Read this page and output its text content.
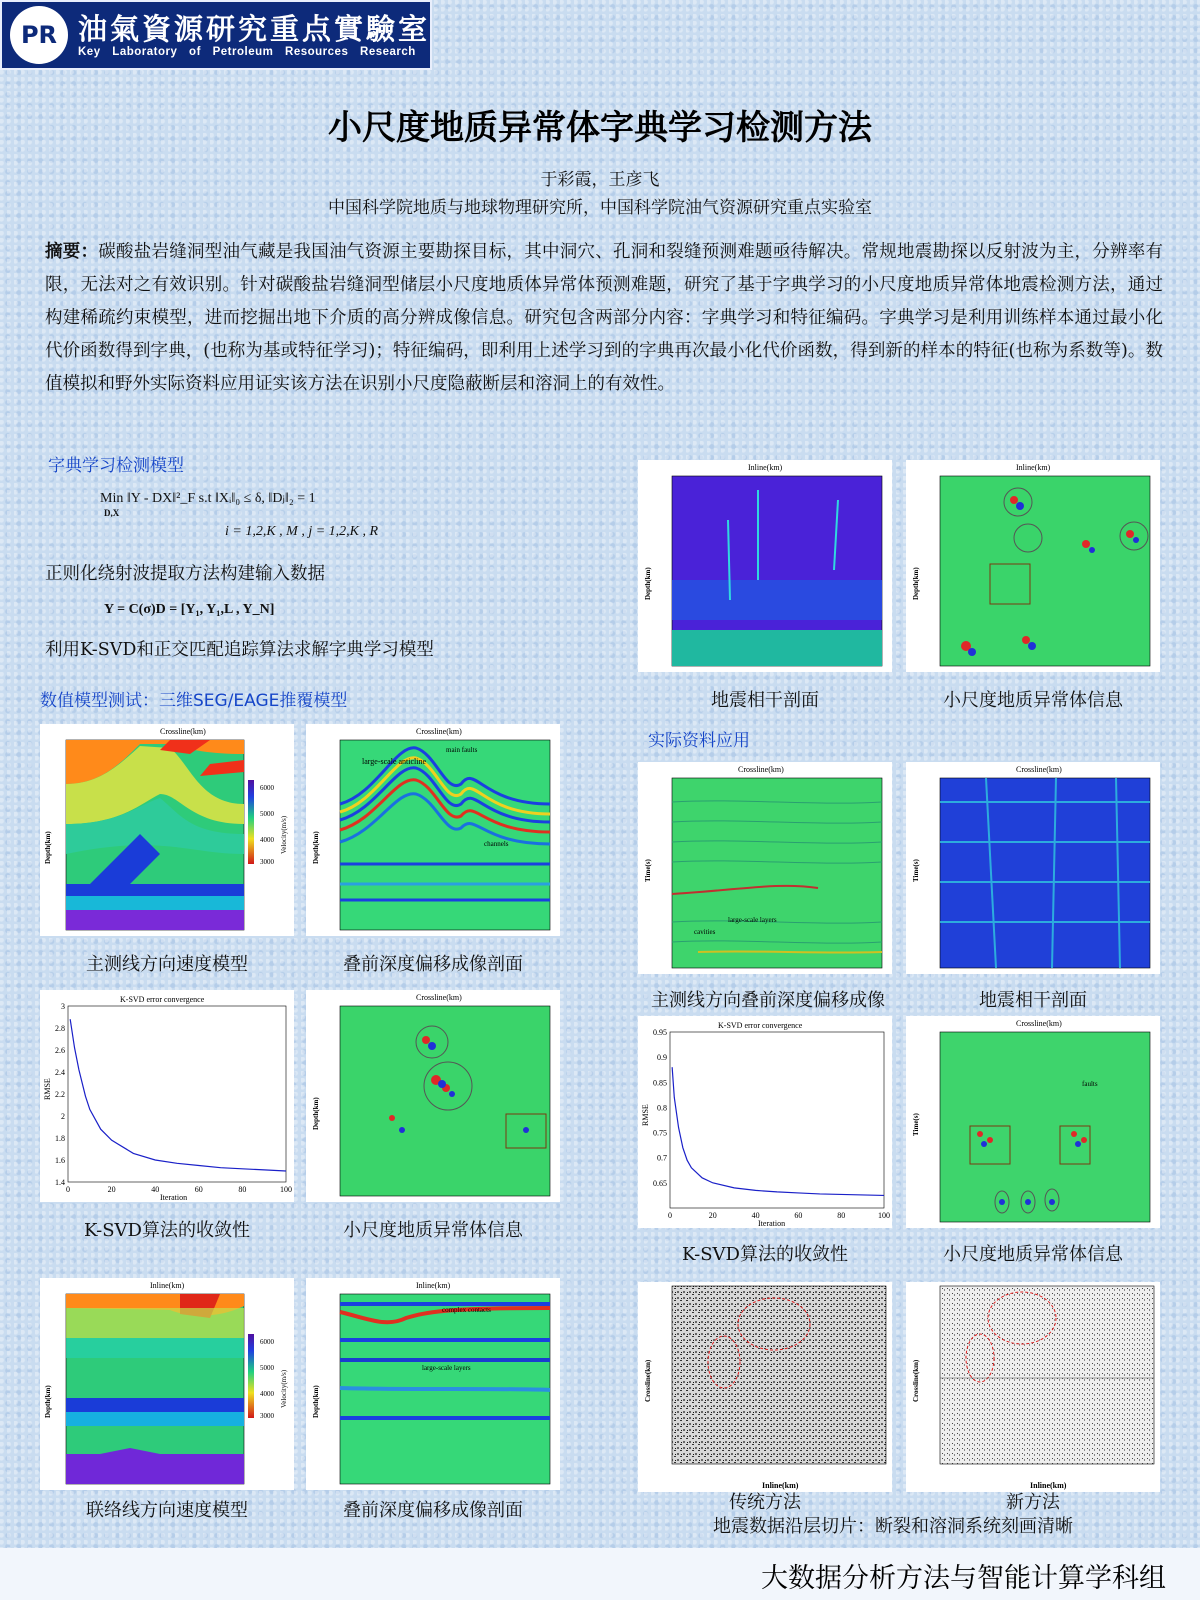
PR 油氣資源研究重点實驗室
Key Laboratory of Petroleum Resources Research
小尺度地质异常体字典学习检测方法
于彩霞，王彦飞
中国科学院地质与地球物理研究所，中国科学院油气资源研究重点实验室
摘要：碳酸盐岩缝洞型油气藏是我国油气资源主要勘探目标，其中洞穴、孔洞和裂缝预测难题亟待解决。常规地震勘探以反射波为主，分辨率有限，无法对之有效识别。针对碳酸盐岩缝洞型储层小尺度地质体异常体预测难题，研究了基于字典学习的小尺度地质异常体地震检测方法，通过构建稀疏约束模型，进而挖掘出地下介质的高分辨成像信息。研究包含两部分内容：字典学习和特征编码。字典学习是利用训练样本通过最小化代价函数得到字典，(也称为基或特征学习)；特征编码，即利用上述学习到的字典再次最小化代价函数，得到新的样本的特征(也称为系数等)。数值模拟和野外实际资料应用证实该方法在识别小尺度隐蔽断层和溶洞上的有效性。
字典学习检测模型
Min ‖Y - DX‖²_F s.t ‖Xᵢ‖₀ ≤ δ, ‖Dⱼ‖₂ = 1
D,X
i = 1,2,K , M , j = 1,2,K , R
正则化绕射波提取方法构建输入数据
Y = C(σ)D = [Y₁, Y₁,L , Y_N]
利用K-SVD和正交匹配追踪算法求解字典学习模型
数值模型测试：三维SEG/EAGE推覆模型
实际资料应用
Crossline(km)
6000
5000
4000
3000
Velocity(m/s)
Depth(km)
主测线方向速度模型
Crossline(km)
large-scale anticline
main faults
channels
Depth(km)
叠前深度偏移成像剖面
K-SVD error convergence
1.4
1.6
1.8
2
2.2
2.4
2.6
2.8
3
0	20	40	60	80	100
Iteration
RMSE
K-SVD算法的收敛性
Crossline(km)
Depth(km)
小尺度地质异常体信息
Inline(km)
6000
5000
4000
3000
Velocity(m/s)
Depth(km)
联络线方向速度模型
Inline(km)
complex contacts
large-scale layers
Depth(km)
叠前深度偏移成像剖面
Inline(km)
Depth(km)
地震相干剖面
Inline(km)
Depth(km)
小尺度地质异常体信息
Crossline(km)
large-scale layers
cavities
Time(s)
主测线方向叠前深度偏移成像
Crossline(km)
Time(s)
地震相干剖面
K-SVD error convergence
0.65
0.7
0.75
0.8
0.85
0.9
0.95
0	20	40	60	80	100
Iteration
RMSE
K-SVD算法的收敛性
Crossline(km)
faults
Time(s)
小尺度地质异常体信息
Inline(km)
Crossline(km)
传统方法
Inline(km)
Crossline(km)
新方法
地震数据沿层切片：断裂和溶洞系统刻画清晰
大数据分析方法与智能计算学科组
